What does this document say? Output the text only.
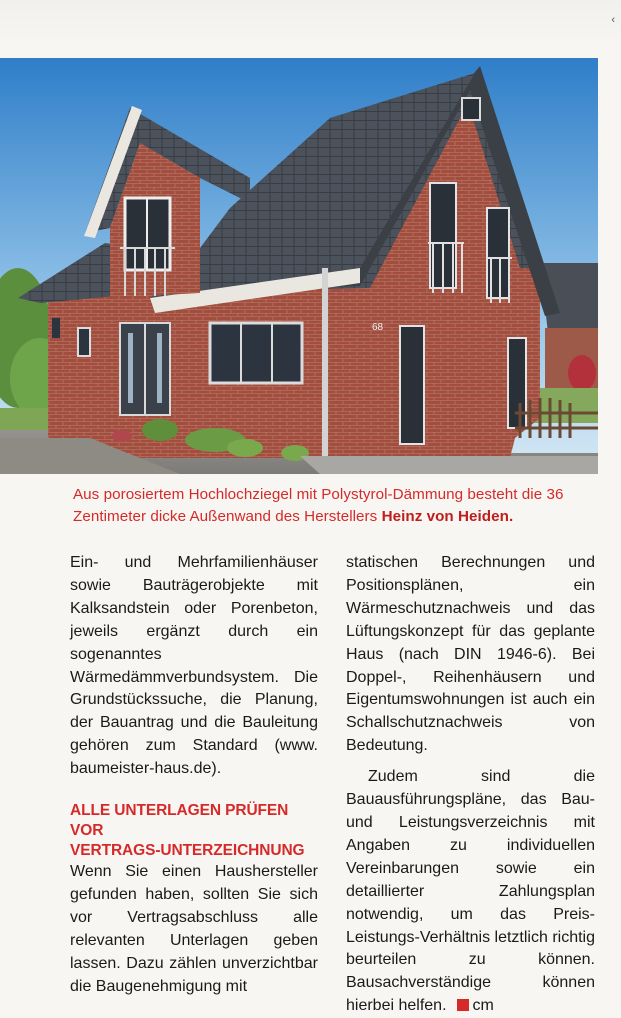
‹
68
Aus porosiertem Hochlochziegel mit Polystyrol-Dämmung besteht die 36 Zentimeter dicke Außenwand des Herstellers Heinz von Heiden.

Ein- und Mehrfamilienhäuser sowie Bauträgerobjekte mit Kalksandstein oder Porenbeton, jeweils ergänzt durch ein sogenanntes Wärmedämmverbundsystem. Die Grundstückssuche, die Planung, der Bauantrag und die Bauleitung gehören zum Standard (www. baumeister-haus.de).

ALLE UNTERLAGEN PRÜFEN VOR
VERTRAGS-UNTERZEICHNUNG

Wenn Sie einen Haushersteller gefunden haben, sollten Sie sich vor Vertragsabschluss alle relevanten Unterlagen geben lassen. Dazu zählen unverzichtbar die Baugenehmigung mit

statischen Berechnungen und Positionsplänen, ein Wärmeschutznachweis und das Lüftungskonzept für das geplante Haus (nach DIN 1946-6). Bei Doppel-, Reihenhäusern und Eigentumswohnungen ist auch ein Schallschutznachweis von Bedeutung.

Zudem sind die Bauausführungspläne, das Bau- und Leistungsverzeichnis mit Angaben zu individuellen Vereinbarungen sowie ein detaillierter Zahlungsplan notwendig, um das Preis-Leistungs-Verhältnis letztlich richtig beurteilen zu können. Bausachverständige können hierbei helfen. cm
